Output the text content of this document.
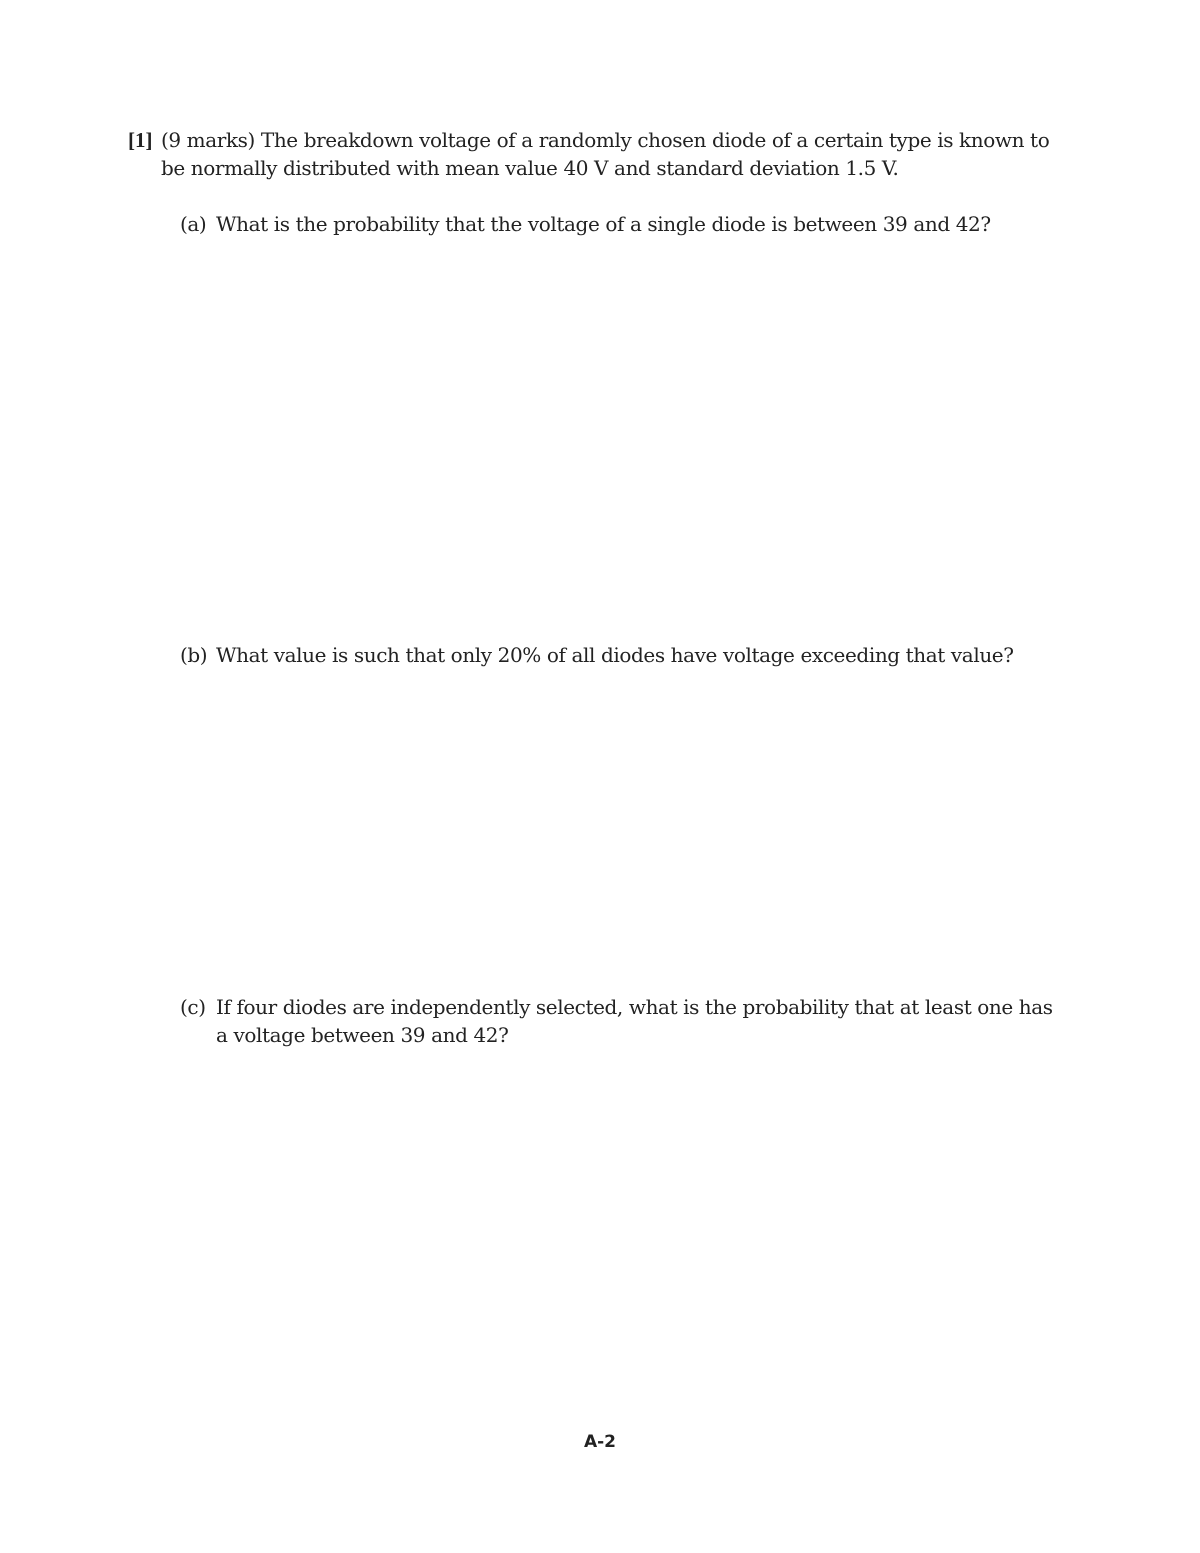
[1] (9 marks) The breakdown voltage of a randomly chosen diode of a certain type is known to be normally distributed with mean value 40 V and standard deviation 1.5 V.
(a) What is the probability that the voltage of a single diode is between 39 and 42?
(b) What value is such that only 20% of all diodes have voltage exceeding that value?
(c) If four diodes are independently selected, what is the probability that at least one has a voltage between 39 and 42?
A-2
